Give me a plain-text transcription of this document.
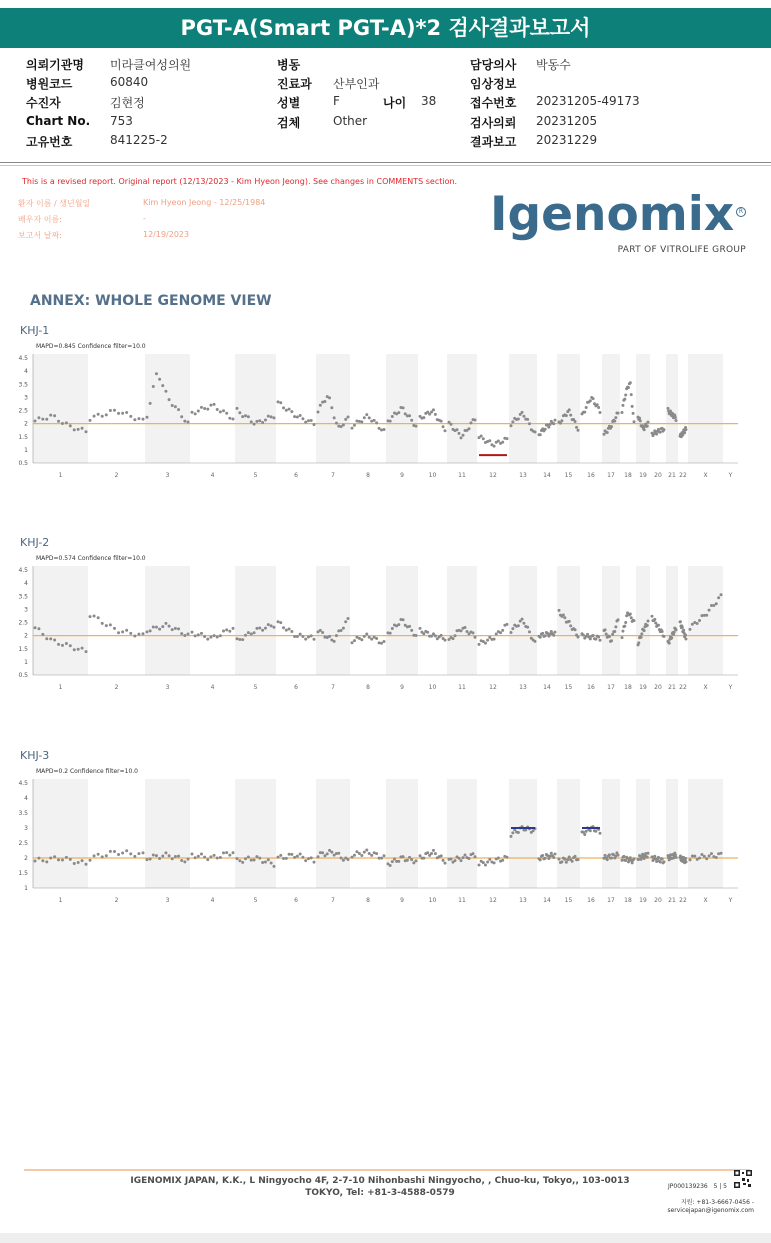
PGT-A(Smart PGT-A)*2 검사결과보고서
의뢰기관명 미라클여성의원
병원코드	60840
수진자	김현정
Chart No. 753
고유번호	841225-2
병동
진료과 산부인과
성별	F	나이 38
검체	Other
담당의사 박동수
임상정보
접수번호 20231205-49173
검사의뢰 20231205
결과보고 20231229
This is a revised report. Original report (12/13/2023 - Kim Hyeon Jeong). See changes in COMMENTS section.
환자 이름 / 생년월일	Kim Hyeon Jeong - 12/25/1984
배우자 이름:	-
보고서 날짜:	12/19/2023	Igenomix R
PART OF VITROLIFE GROUP
ANNEX: WHOLE GENOME VIEW
KHJ-1
MAPD=0.845 Confidence filter=10.0
1	2	3	4	5	6	7	8	9	10	11	12	13	14 15 16 17 18 19 20 21 22	X	Y
0.5
1
1.5
2
2.5
3
3.5
4
4.5
KHJ-2
MAPD=0.574 Confidence filter=10.0
1	2	3	4	5	6	7	8	9	10	11	12	13	14 15 16 17 18 19 20 21 22	X	Y
0.5
1
1.5
2
2.5
3
3.5
4
4.5
KHJ-3
MAPD=0.2 Confidence filter=10.0
1	2	3	4	5	6	7	8	9	10	11	12	13	14 15 16 17 18 19 20 21 22	X	Y
1
1.5
2
2.5
3
3.5
4
4.5
IGENOMIX JAPAN, K.K., L Ningyocho 4F, 2-7-10 Nihonbashi Ningyocho, , Chuo-ku, Tokyo,, 103-0013 TOKYO, Tel: +81-3-4588-0579
JP000139236 5 | 5
지원: +81-3-6667-0456 -
servicejapan@igenomix.com
